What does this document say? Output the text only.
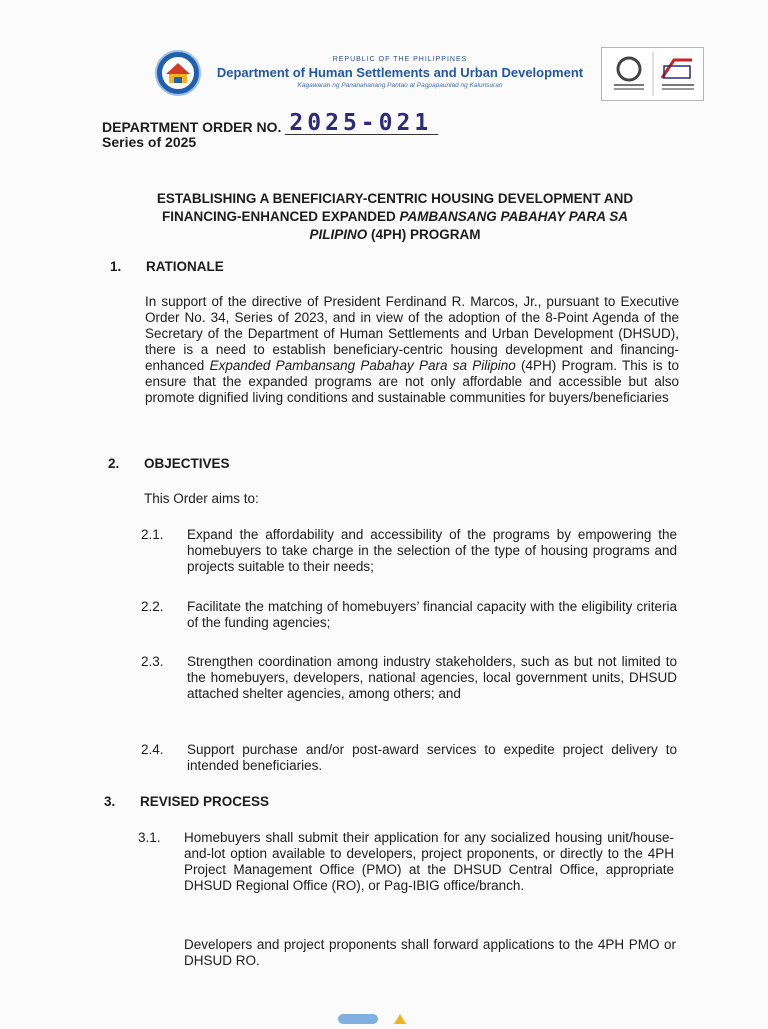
REPUBLIC OF THE PHILIPPINES
Department of Human Settlements and Urban Development
Kagawaran ng Pananahanang Pantao at Pagpapaunlad ng Kalunsuran
DEPARTMENT ORDER NO. 2025-021
Series of 2025
ESTABLISHING A BENEFICIARY-CENTRIC HOUSING DEVELOPMENT AND
FINANCING-ENHANCED EXPANDED PAMBANSANG PABAHAY PARA SA
PILIPINO (4PH) PROGRAM
1. RATIONALE
In support of the directive of President Ferdinand R. Marcos, Jr., pursuant to Executive Order No. 34, Series of 2023, and in view of the adoption of the 8-Point Agenda of the Secretary of the Department of Human Settlements and Urban Development (DHSUD), there is a need to establish beneficiary-centric housing development and financing-enhanced Expanded Pambansang Pabahay Para sa Pilipino (4PH) Program. This is to ensure that the expanded programs are not only affordable and accessible but also promote dignified living conditions and sustainable communities for buyers/beneficiaries
2. OBJECTIVES
This Order aims to:
2.1. Expand the affordability and accessibility of the programs by empowering the homebuyers to take charge in the selection of the type of housing programs and projects suitable to their needs;
2.2. Facilitate the matching of homebuyers’ financial capacity with the eligibility criteria of the funding agencies;
2.3. Strengthen coordination among industry stakeholders, such as but not limited to the homebuyers, developers, national agencies, local government units, DHSUD attached shelter agencies, among others; and
2.4. Support purchase and/or post-award services to expedite project delivery to intended beneficiaries.
3. REVISED PROCESS
3.1. Homebuyers shall submit their application for any socialized housing unit/house-and-lot option available to developers, project proponents, or directly to the 4PH Project Management Office (PMO) at the DHSUD Central Office, appropriate DHSUD Regional Office (RO), or Pag-IBIG office/branch.
Developers and project proponents shall forward applications to the 4PH PMO or DHSUD RO.
